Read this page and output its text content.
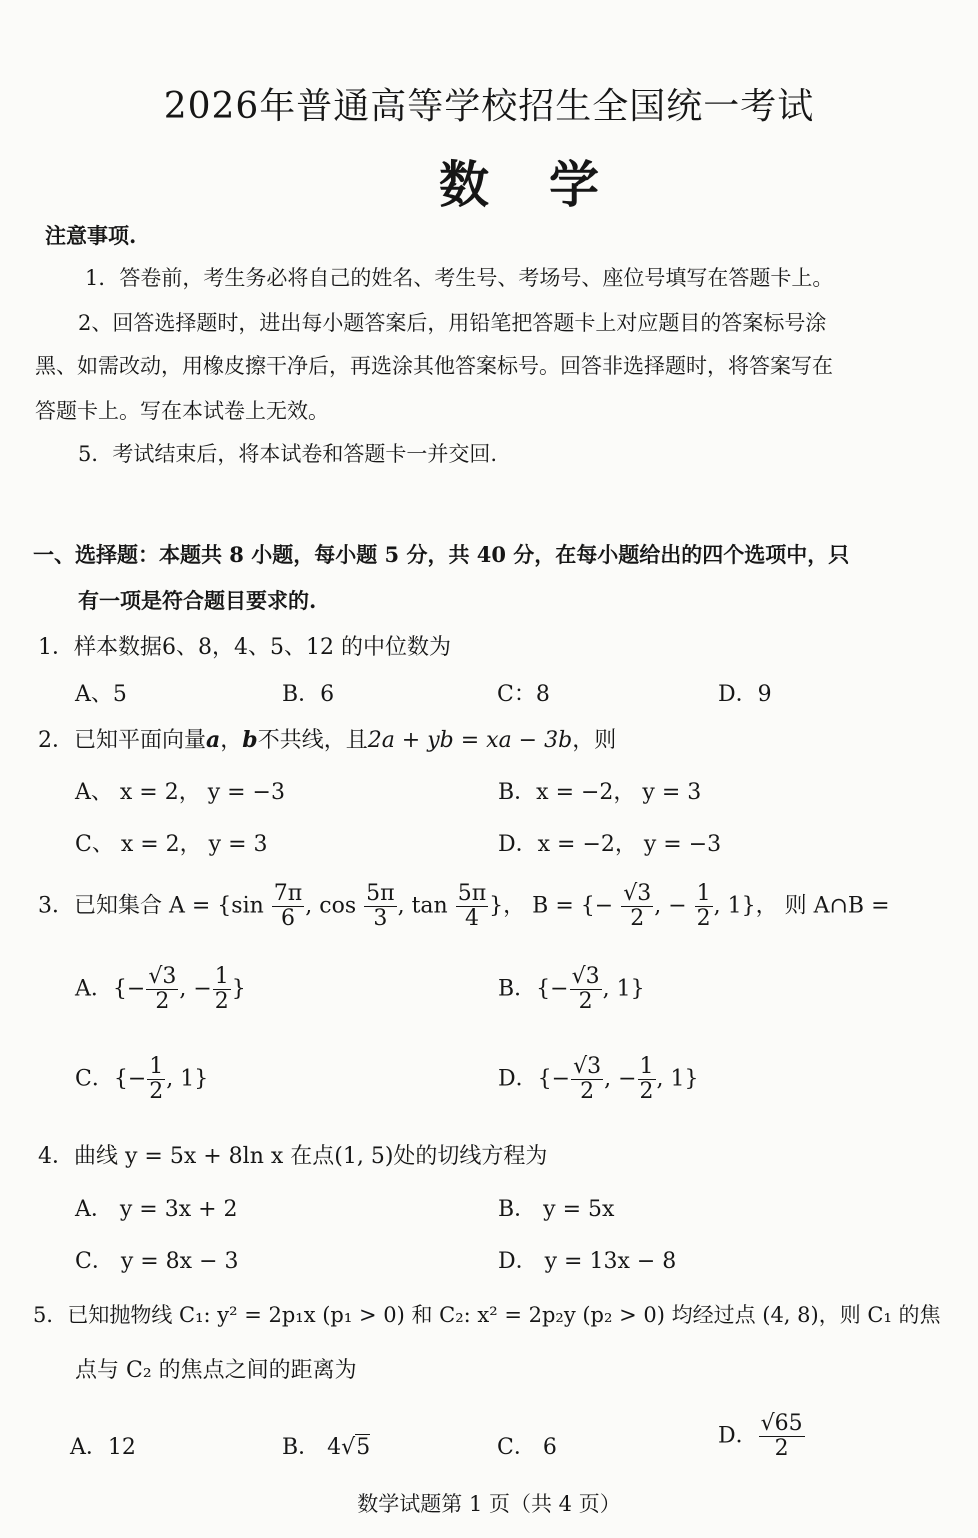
2026年普通高等学校招生全国统一考试
数学
注意事项.
1．答卷前，考生务必将自己的姓名、考生号、考场号、座位号填写在答题卡上。
2、回答选择题时，进出每小题答案后，用铅笔把答题卡上对应题目的答案标号涂
黑、如需改动，用橡皮擦干净后，再选涂其他答案标号。回答非选择题时，将答案写在
答题卡上。写在本试卷上无效。
5．考试结束后，将本试卷和答题卡一并交回.
一、选择题：本题共 8 小题，每小题 5 分，共 40 分，在每小题给出的四个选项中，只
有一项是符合题目要求的.
1．样本数据6、8，4、5、12 的中位数为
A、5	B．6	C：8	D．9
2．已知平面向量a，b不共线，且2a + yb = xa − 3b，则
A、 x = 2， y = −3	B．x = −2， y = 3
C、 x = 2， y = 3	D．x = −2， y = −3
3．已知集合 $A = \{\sin \frac{7\pi}{6}$ , $\cos \frac{5\pi}{3}$ , $\tan \frac{5\pi}{4}$ }， B = {− $\frac{√3}{2}$ , − $\frac{1}{2}$ , 1}， 则 A∩B =
A．{− $\frac{√3}{2}$ , − $\frac{1}{2}$ }	B．{− $\frac{√3}{2}$ , 1}
C．{− $\frac{1}{2}$ , 1}	D．{− $\frac{√3}{2}$ , − $\frac{1}{2}$ , 1}
4．曲线 y = 5x + 8ln x 在点(1, 5)处的切线方程为
A． y = 3x + 2	B． y = 5x
C． y = 8x − 3	D． y = 13x − 8
5．已知抛物线 C₁: y² = 2p₁x (p₁ > 0) 和 C₂: x² = 2p₂y (p₂ > 0) 均经过点 (4, 8)，则 C₁ 的焦
点与 C₂ 的焦点之间的距离为
A．12	B． 4√5	C． 6	D． $\frac{√65}{2}$
数学试题第 1 页（共 4 页）
